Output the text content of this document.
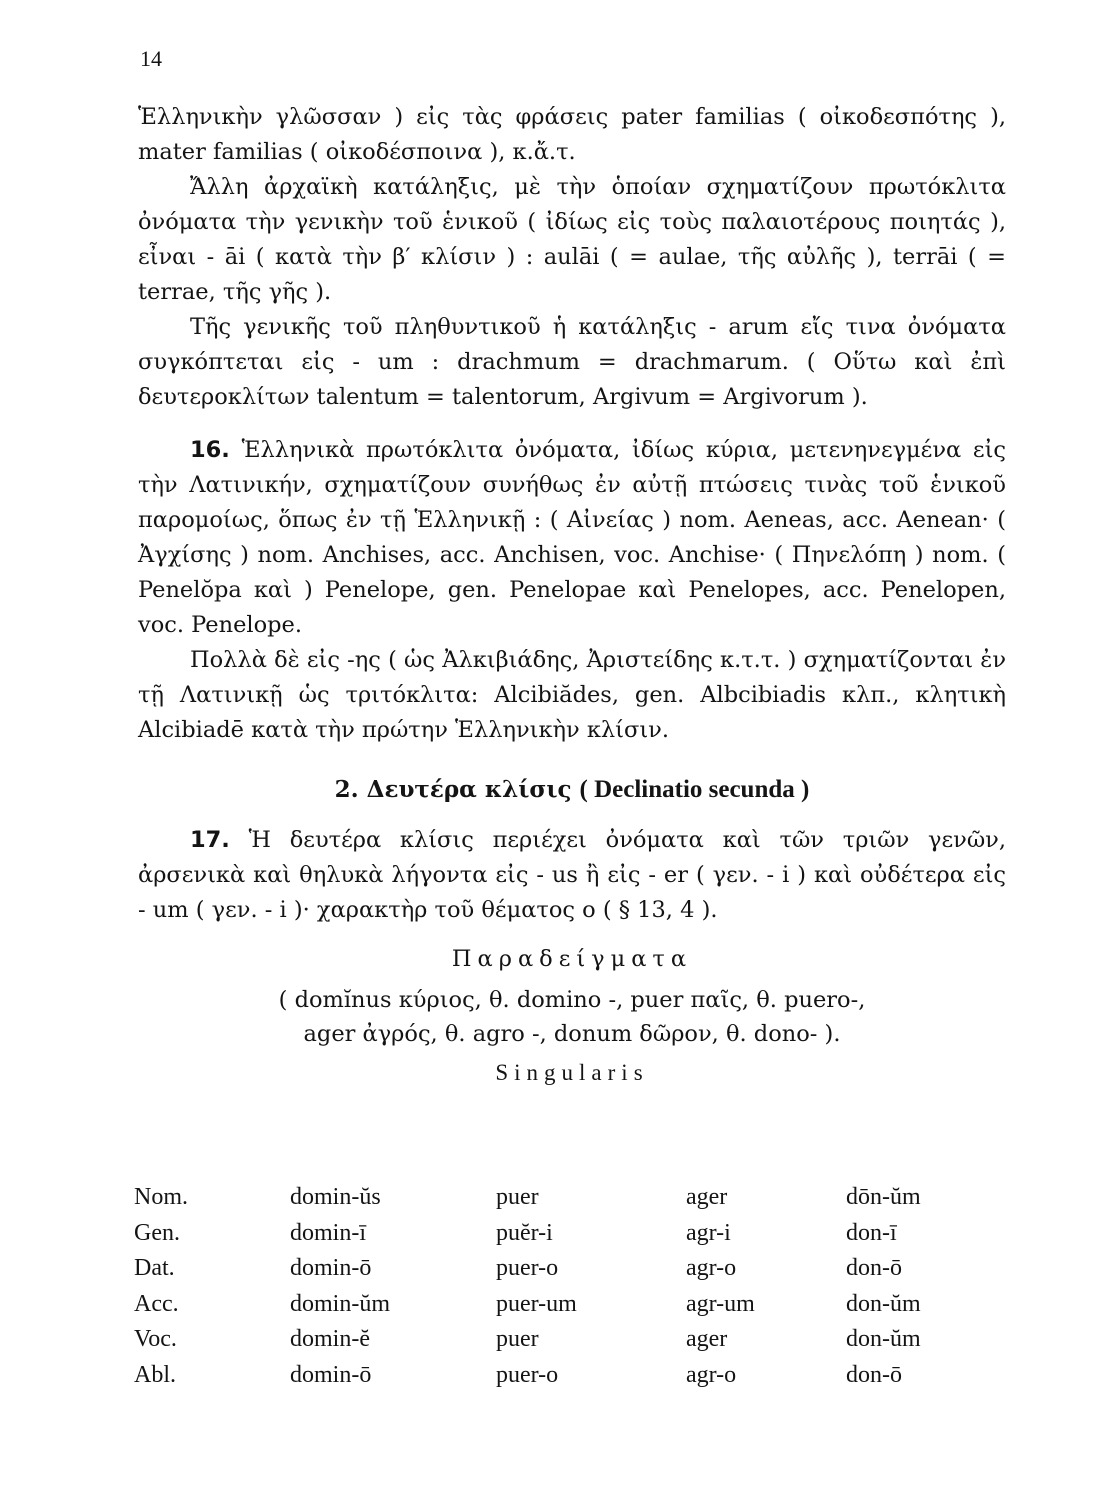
14

Ἑλληνικὴν γλῶσσαν ) εἰς τὰς φράσεις pater familias ( οἰκοδεσπότης ), mater familias ( οἰκοδέσποινα ), κ.ἄ.τ.

Ἄλλη ἀρχαϊκὴ κατάληξις, μὲ τὴν ὁποίαν σχηματίζουν πρωτόκλιτα ὀνόματα τὴν γενικὴν τοῦ ἑνικοῦ ( ἰδίως εἰς τοὺς παλαιοτέρους ποιητάς ), εἶναι - āi ( κατὰ τὴν β′ κλίσιν ) : aulāi ( = aulae, τῆς αὐλῆς ), terrāi ( = terrae, τῆς γῆς ).

Τῆς γενικῆς τοῦ πληθυντικοῦ ἡ κατάληξις - arum εἴς τινα ὀνόματα συγκόπτεται εἰς - um : drachmum = drachmarum. ( Οὕτω καὶ ἐπὶ δευτεροκλίτων talentum = talentorum, Argivum = Argivorum ).

16. Ἑλληνικὰ πρωτόκλιτα ὀνόματα, ἰδίως κύρια, μετενηνεγμένα εἰς τὴν Λατινικήν, σχηματίζουν συνήθως ἐν αὐτῇ πτώσεις τινὰς τοῦ ἑνικοῦ παρομοίως, ὅπως ἐν τῇ Ἑλληνικῇ : ( Αἰνείας ) nom. Aeneas, acc. Aenean· ( Ἀγχίσης ) nom. Anchises, acc. Anchisen, voc. Anchise· ( Πηνελόπη ) nom. ( Penelŏpa καὶ ) Penelope, gen. Penelopae καὶ Penelopes, acc. Penelopen, voc. Penelope.

Πολλὰ δὲ εἰς -ης ( ὡς Ἀλκιβιάδης, Ἀριστείδης κ.τ.τ. ) σχηματίζονται ἐν τῇ Λατινικῇ ὡς τριτόκλιτα: Alcibiădes, gen. Albcibiadis κλπ., κλητικὴ Alcibiadē κατὰ τὴν πρώτην Ἑλληνικὴν κλίσιν.

2. Δευτέρα κλίσις ( Declinatio secunda )

17. Ἡ δευτέρα κλίσις περιέχει ὀνόματα καὶ τῶν τριῶν γενῶν, ἀρσενικὰ καὶ θηλυκὰ λήγοντα εἰς - us ἢ εἰς - er ( γεν. - i ) καὶ οὐδέτερα εἰς - um ( γεν. - i )· χαρακτὴρ τοῦ θέματος ο ( § 13, 4 ).

Παραδείγματα
( domĭnus κύριος, θ. domino -, puer παῖς, θ. puero-,
ager ἀγρός, θ. agro -, donum δῶρον, θ. dono- ).
Singularis
Nom.	domin-ŭs	puer	ager	dōn-ŭm
Gen.	domin-ī	puĕr-i	agr-i	don-ī
Dat.	domin-ō	puer-o	agr-o	don-ō
Acc.	domin-ŭm	puer-um	agr-um	don-ŭm
Voc.	domin-ĕ	puer	ager	don-ŭm
Abl.	domin-ō	puer-o	agr-o	don-ō
